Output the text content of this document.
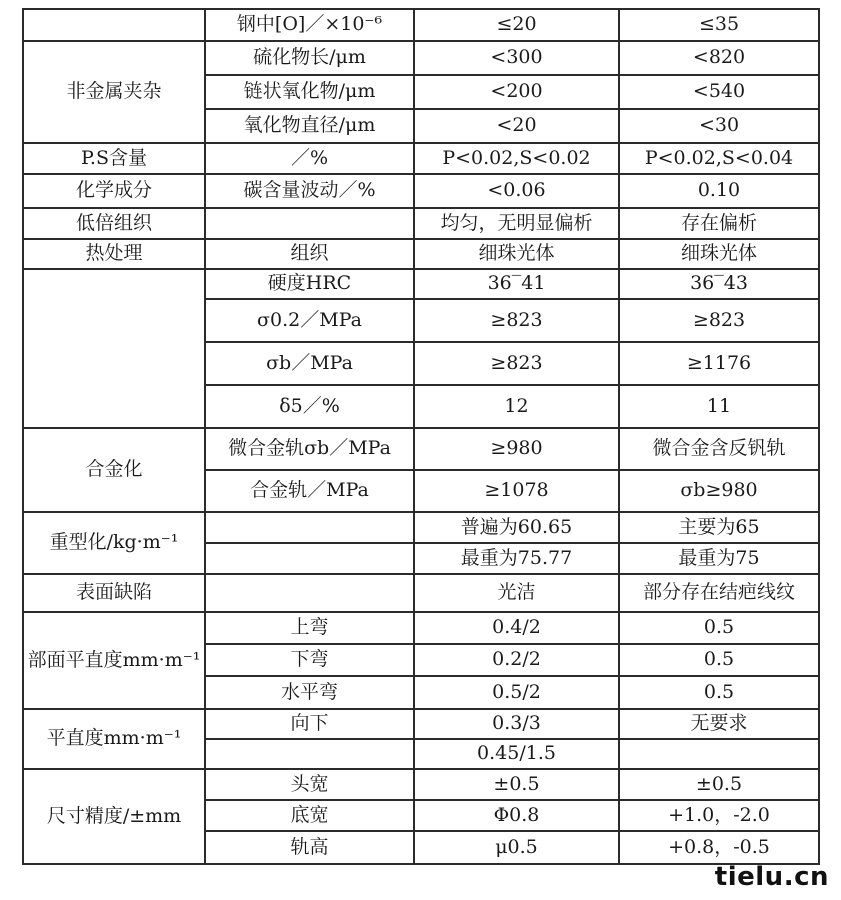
	钢中[O]／×10⁻⁶	≤20	≤35
非金属夹杂	硫化物长/μm	<300	<820
	链状氧化物/μm	<200	<540
	氧化物直径/μm	<20	<30
P.S含量	／%	P<0.02,S<0.02	P<0.02,S<0.04
化学成分	碳含量波动／%	<0.06	0.10
低倍组织		均匀，无明显偏析	存在偏析
热处理	组织	细珠光体	细珠光体
	硬度HRC	36‾41	36‾43
	σ0.2／MPa	≥823	≥823
	σb／MPa	≥823	≥1176
	δ5／%	12	11
合金化	微合金轨σb／MPa	≥980	微合金含反钒轨
	合金轨／MPa	≥1078	σb≥980
重型化/kg·m⁻¹		普遍为60.65	主要为65
		最重为75.77	最重为75
表面缺陷		光洁	部分存在结疤线纹
部面平直度mm·m⁻¹	上弯	0.4/2	0.5
	下弯	0.2/2	0.5
	水平弯	0.5/2	0.5
平直度mm·m⁻¹	向下	0.3/3	无要求
		0.45/1.5	
尺寸精度/±mm	头宽	±0.5	±0.5
	底宽	Φ0.8	+1.0，-2.0
	轨高	μ0.5	+0.8，-0.5
tielu.cn
